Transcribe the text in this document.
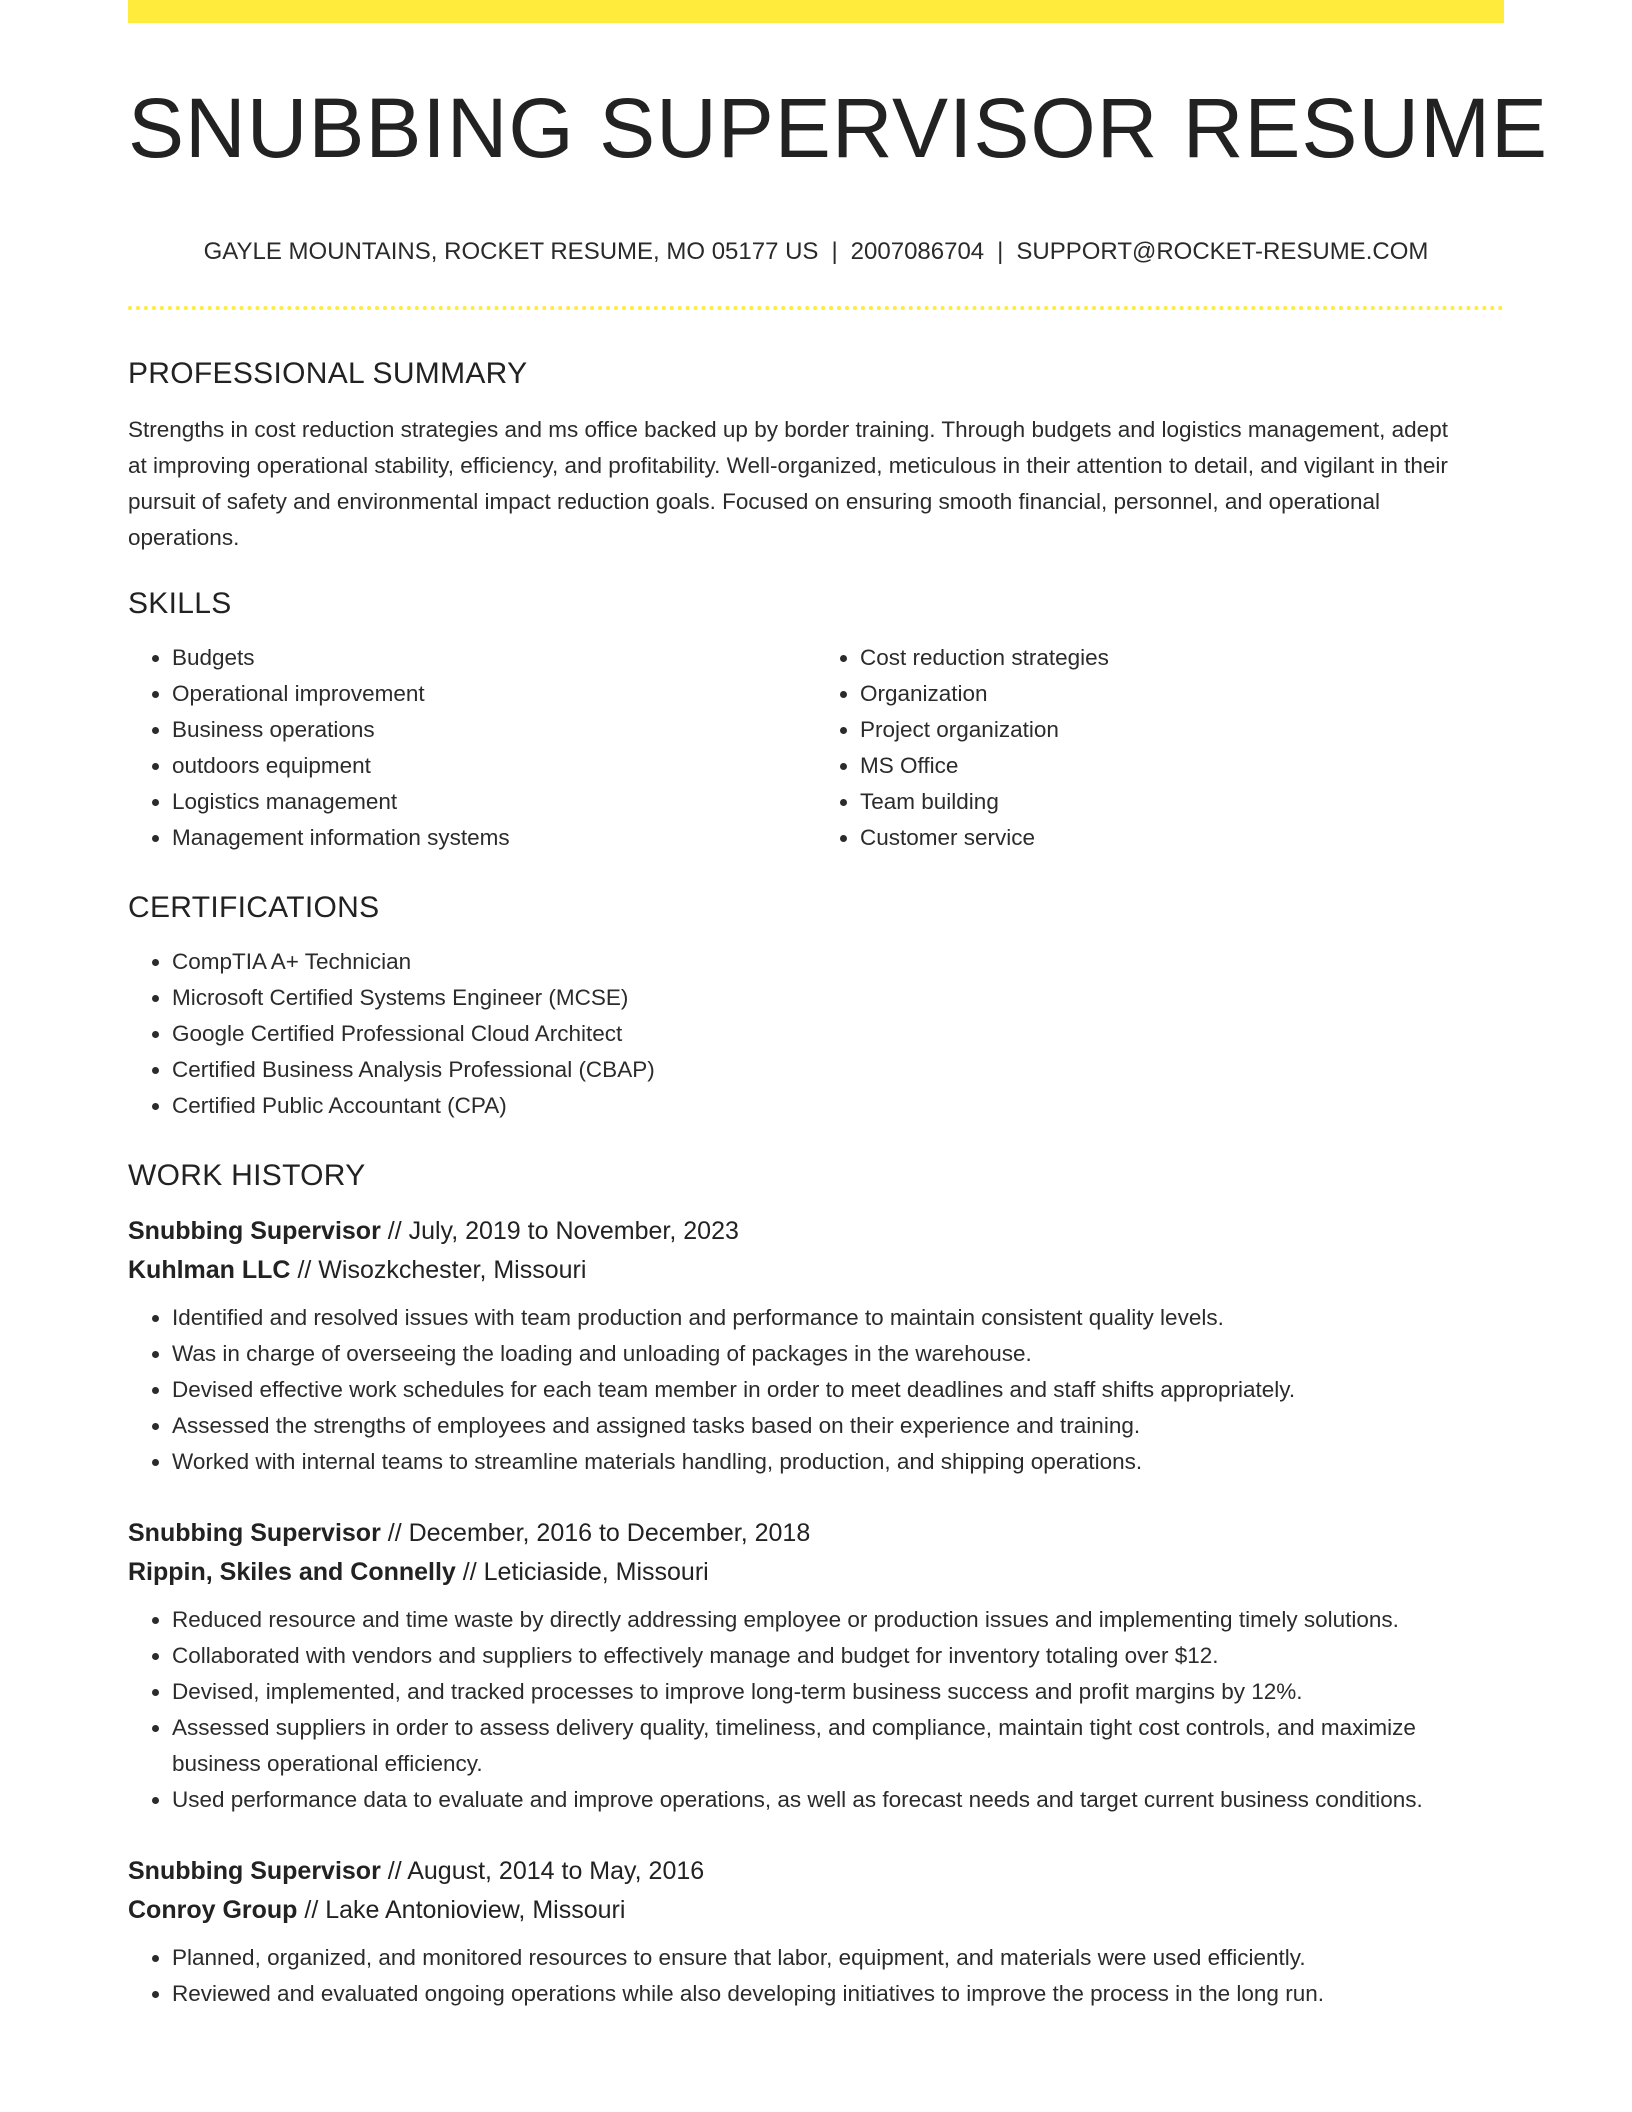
SNUBBING SUPERVISOR RESUME
GAYLE MOUNTAINS, ROCKET RESUME, MO 05177 US | 2007086704 | SUPPORT@ROCKET-RESUME.COM
PROFESSIONAL SUMMARY

Strengths in cost reduction strategies and ms office backed up by border training. Through budgets and logistics management, adept at improving operational stability, efficiency, and profitability. Well-organized, meticulous in their attention to detail, and vigilant in their pursuit of safety and environmental impact reduction goals. Focused on ensuring smooth financial, personnel, and operational operations.

SKILLS
• Budgets
• Operational improvement
• Business operations
• outdoors equipment
• Logistics management
• Management information systems
• Cost reduction strategies
• Organization
• Project organization
• MS Office
• Team building
• Customer service
CERTIFICATIONS
• CompTIA A+ Technician
• Microsoft Certified Systems Engineer (MCSE)
• Google Certified Professional Cloud Architect
• Certified Business Analysis Professional (CBAP)
• Certified Public Accountant (CPA)
WORK HISTORY
Snubbing Supervisor // July, 2019 to November, 2023
Kuhlman LLC // Wisozkchester, Missouri
• Identified and resolved issues with team production and performance to maintain consistent quality levels.
• Was in charge of overseeing the loading and unloading of packages in the warehouse.
• Devised effective work schedules for each team member in order to meet deadlines and staff shifts appropriately.
• Assessed the strengths of employees and assigned tasks based on their experience and training.
• Worked with internal teams to streamline materials handling, production, and shipping operations.
Snubbing Supervisor // December, 2016 to December, 2018
Rippin, Skiles and Connelly // Leticiaside, Missouri
• Reduced resource and time waste by directly addressing employee or production issues and implementing timely solutions.
• Collaborated with vendors and suppliers to effectively manage and budget for inventory totaling over $12.
• Devised, implemented, and tracked processes to improve long-term business success and profit margins by 12%.
• Assessed suppliers in order to assess delivery quality, timeliness, and compliance, maintain tight cost controls, and maximize business operational efficiency.
• Used performance data to evaluate and improve operations, as well as forecast needs and target current business conditions.
Snubbing Supervisor // August, 2014 to May, 2016
Conroy Group // Lake Antonioview, Missouri
• Planned, organized, and monitored resources to ensure that labor, equipment, and materials were used efficiently.
• Reviewed and evaluated ongoing operations while also developing initiatives to improve the process in the long run.
